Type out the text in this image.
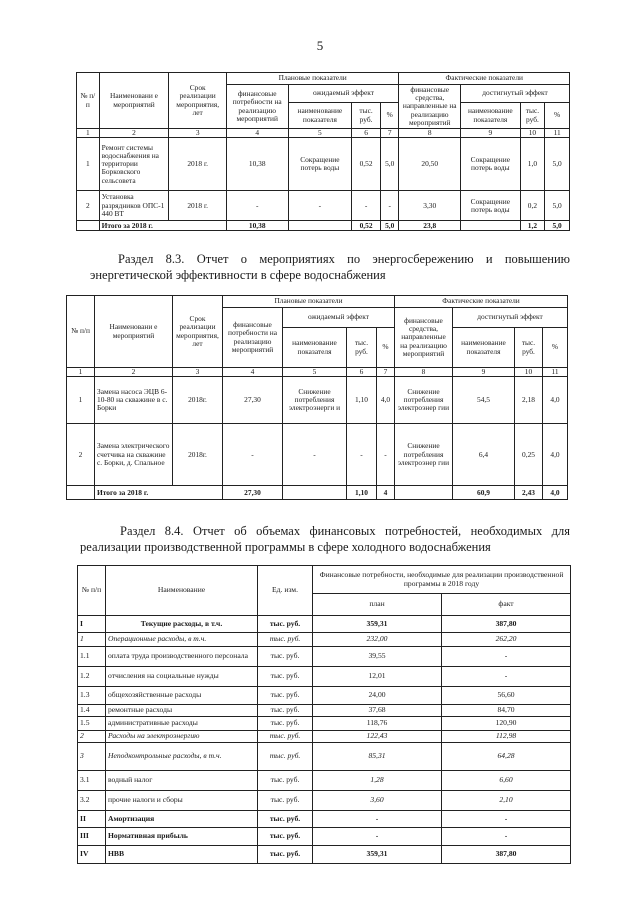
5
№ п/п	Наименовани е мероприятий	Срок реализации мероприятия, лет	Плановые показатели				Фактические показатели			
			финансовые потребности на реализацию мероприятий	ожидаемый эффект			финансовые средства, направленные на реализацию мероприятий	достигнутый эффект		
				наименование показателя	тыс. руб.	%		наименование показателя	тыс. руб.	%
1	2	3	4	5	6	7	8	9	10	11
1	Ремонт системы водоснабжения на территории Борковского сельсовета	2018 г.	10,38	Сокращение потерь воды	0,52	5,0	20,50	Сокращение потерь воды	1,0	5,0
2	Установка разрядников ОПС-1 440 ВТ	2018 г.	-	-	-	-	3,30	Сокращение потерь воды	0,2	5,0
	Итого за 2018 г.		10,38		0,52	5,0	23,8		1,2	5,0
Раздел 8.3. Отчет о мероприятиях по энергосбережению и повышению энергетической эффективности в сфере водоснабжения
№ п/п	Наименовани е мероприятий	Срок реализации мероприятия, лет	Плановые показатели				Фактические показатели			
			финансовые потребности на реализацию мероприятий	ожидаемый эффект			финансовые средства, направленные на реализацию мероприятий	достигнутый эффект		
				наименование показателя	тыс. руб.	%		наименование показателя	тыс. руб.	%
1	2	3	4	5	6	7	8	9	10	11
1	Замена насоса ЭЦВ 6-10-80 на скважине в с. Борки	2018г.	27,30	Снижение потребления электроэнерги и	1,10	4,0	Снижение потребления электроэнер гии	54,5	2,18	4,0
2	Замена электрического счетчика на скважине с. Борки, д. Спальное	2018г.	-	-	-	-	Снижение потребления электроэнер гии	6,4	0,25	4,0
	Итого за 2018 г.		27,30		1,10	4		60,9	2,43	4,0
Раздел 8.4. Отчет об объемах финансовых потребностей, необходимых для реализации производственной программы в сфере холодного водоснабжения
№ п/п	Наименование	Ед. изм.	Финансовые потребности, необходимые для реализации производственной программы в 2018 году	
			план	факт
I	Текущие расходы, в т.ч.	тыс. руб.	359,31	387,80
1	Операционные расходы, в т.ч.	тыс. руб.	232,00	262,20
1.1	оплата труда производственного персонала	тыс. руб.	39,55	-
1.2	отчисления на социальные нужды	тыс. руб.	12,01	-
1.3	общехозяйственные расходы	тыс. руб.	24,00	56,60
1.4	ремонтные расходы	тыс. руб.	37,68	84,70
1.5	административные расходы	тыс. руб.	118,76	120,90
2	Расходы на электроэнергию	тыс. руб.	122,43	112,98
3	Неподконтрольные расходы, в т.ч.	тыс. руб.	85,31	64,28
3.1	водный налог	тыс. руб.	1,28	6,60
3.2	прочие налоги и сборы	тыс. руб.	3,60	2,10
II	Амортизация	тыс. руб.	-	-
III	Нормативная прибыль	тыс. руб.	-	-
IV	НВВ	тыс. руб.	359,31	387,80
